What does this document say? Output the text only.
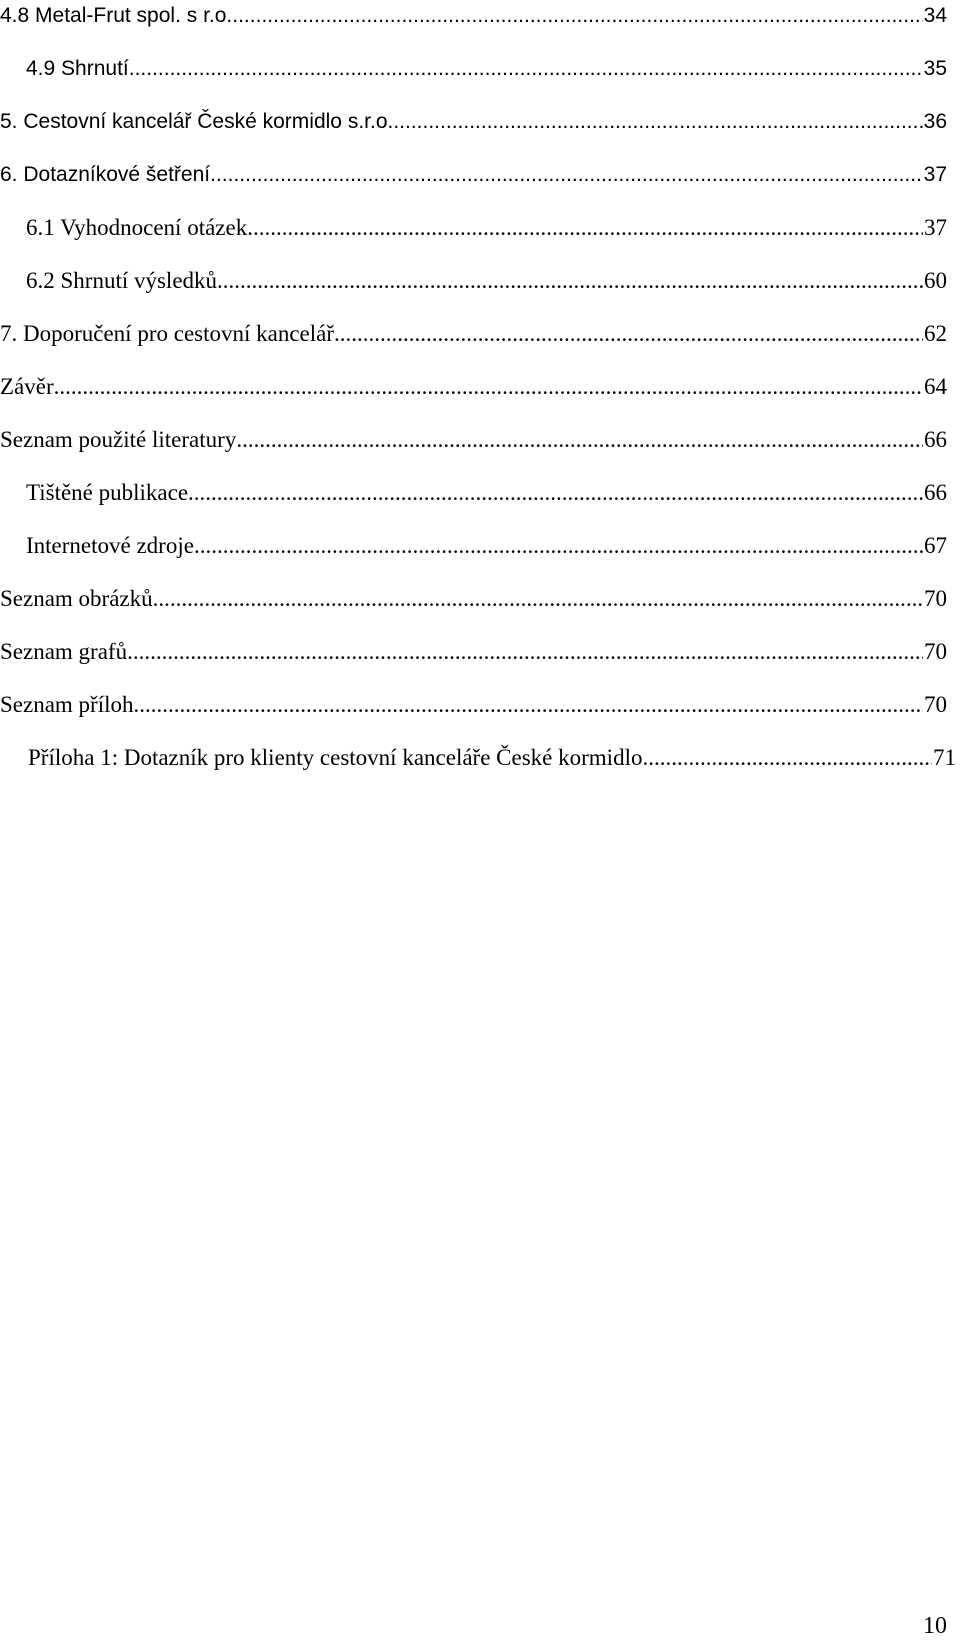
4.8 Metal-Frut spol. s r.o. .....	34
4.9 Shrnutí .....	35
5. Cestovní kancelář České kormidlo s.r.o. .....	36
6. Dotazníkové šetření .....	37
6.1 Vyhodnocení otázek .....	37
6.2 Shrnutí výsledků .....	60
7. Doporučení pro cestovní kancelář .....	62
Závěr .....	64
Seznam použité literatury .....	66
Tištěné publikace .....	66
Internetové zdroje .....	67
Seznam obrázků .....	70
Seznam grafů .....	70
Seznam příloh .....	70
Příloha 1: Dotazník pro klienty cestovní kanceláře České kormidlo .....	71
10
